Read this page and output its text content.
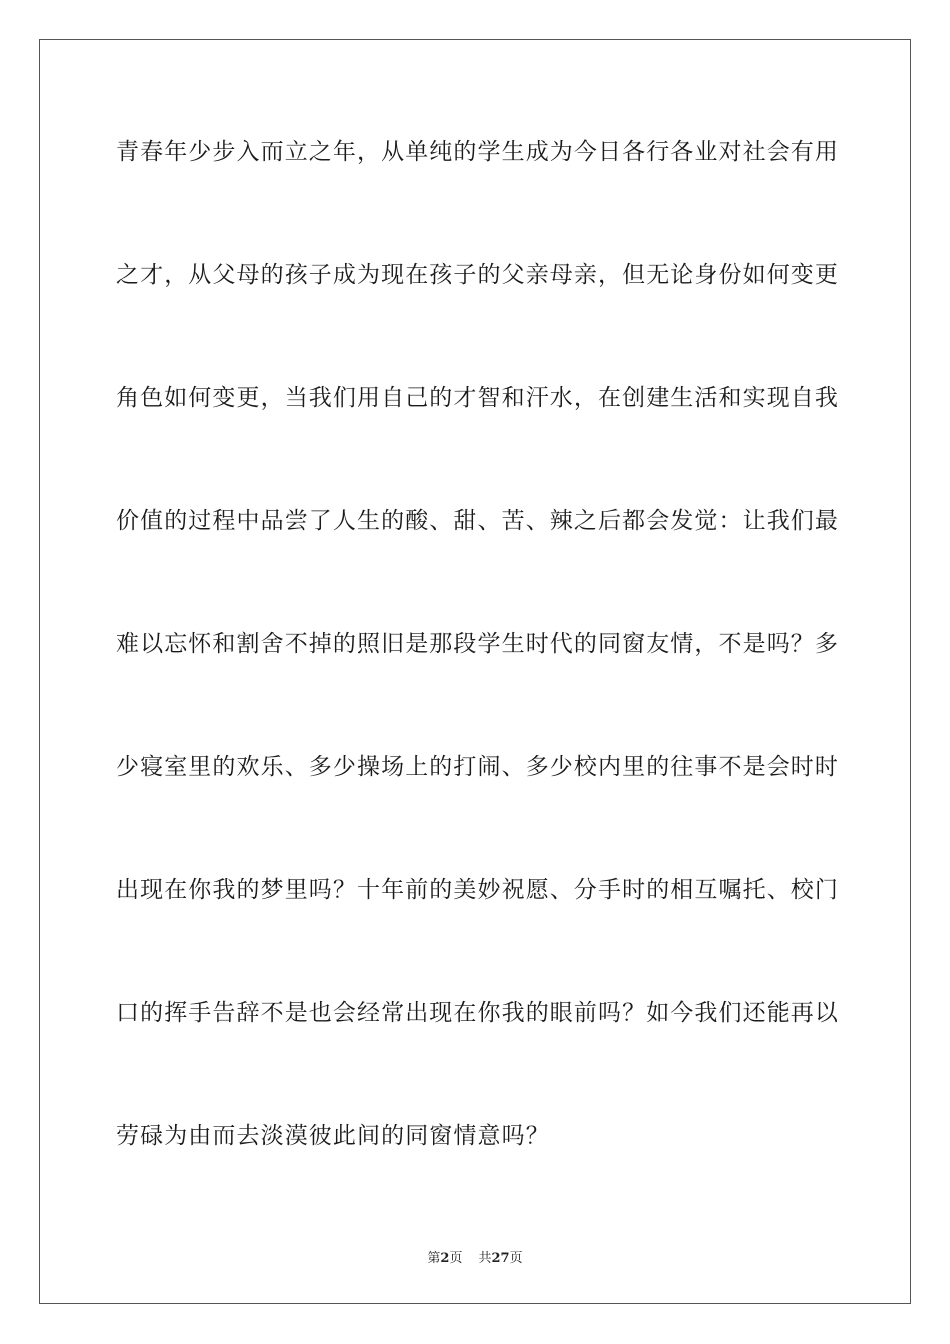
青春年少步入而立之年，从单纯的学生成为今日各行各业对社会有用
之才，从父母的孩子成为现在孩子的父亲母亲，但无论身份如何变更
角色如何变更，当我们用自己的才智和汗水，在创建生活和实现自我
价值的过程中品尝了人生的酸、甜、苦、辣之后都会发觉：让我们最
难以忘怀和割舍不掉的照旧是那段学生时代的同窗友情，不是吗？多
少寝室里的欢乐、多少操场上的打闹、多少校内里的往事不是会时时
出现在你我的梦里吗？十年前的美妙祝愿、分手时的相互嘱托、校门
口的挥手告辞不是也会经常出现在你我的眼前吗？如今我们还能再以
劳碌为由而去淡漠彼此间的同窗情意吗？
第2页 共27页
